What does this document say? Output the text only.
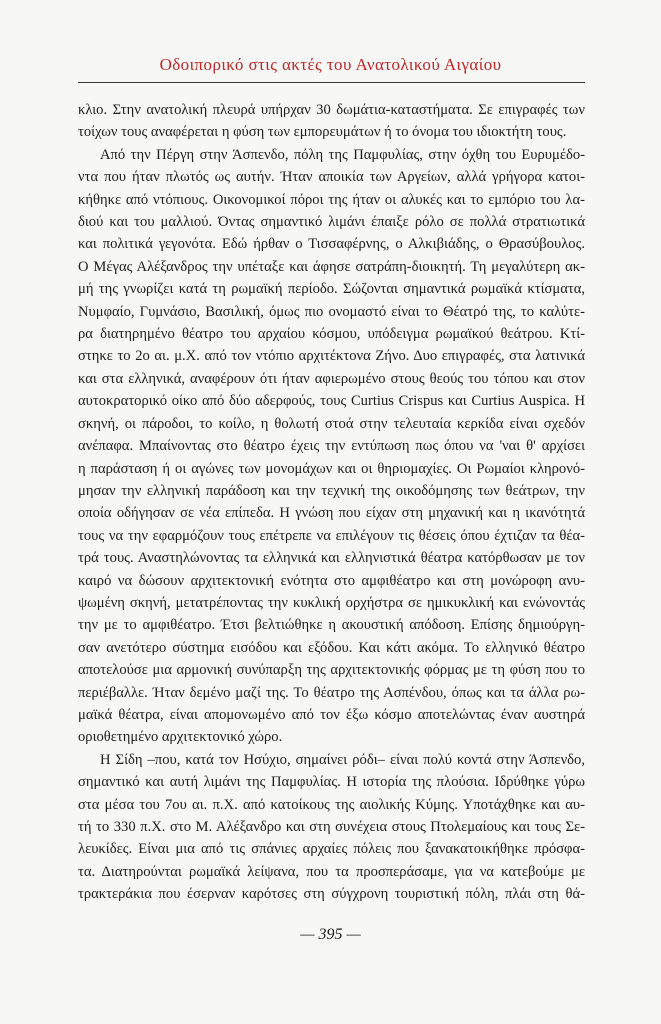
Οδοιπορικό στις ακτές του Ανατολικού Αιγαίου
κλιο. Στην ανατολική πλευρά υπήρχαν 30 δωμάτια-καταστήματα. Σε επιγραφές των
τοίχων τους αναφέρεται η φύση των εμπορευμάτων ή το όνομα του ιδιοκτήτη τους.
Από την Πέργη στην Άσπενδο, πόλη της Παμφυλίας, στην όχθη του Ευρυμέδο-
ντα που ήταν πλωτός ως αυτήν. Ήταν αποικία των Αργείων, αλλά γρήγορα κατοι-
κήθηκε από ντόπιους. Οικονομικοί πόροι της ήταν οι αλυκές και το εμπόριο του λα-
διού και του μαλλιού. Όντας σημαντικό λιμάνι έπαιξε ρόλο σε πολλά στρατιωτικά
και πολιτικά γεγονότα. Εδώ ήρθαν ο Τισσαφέρνης, ο Αλκιβιάδης, ο Θρασύβουλος.
Ο Μέγας Αλέξανδρος την υπέταξε και άφησε σατράπη-διοικητή. Τη μεγαλύτερη ακ-
μή της γνωρίζει κατά τη ρωμαϊκή περίοδο. Σώζονται σημαντικά ρωμαϊκά κτίσματα,
Νυμφαίο, Γυμνάσιο, Βασιλική, όμως πιο ονομαστό είναι το Θέατρό της, το καλύτε-
ρα διατηρημένο θέατρο του αρχαίου κόσμου, υπόδειγμα ρωμαϊκού θεάτρου. Κτί-
στηκε το 2ο αι. μ.Χ. από τον ντόπιο αρχιτέκτονα Ζήνο. Δυο επιγραφές, στα λατινικά
και στα ελληνικά, αναφέρουν ότι ήταν αφιερωμένο στους θεούς του τόπου και στον
αυτοκρατορικό οίκο από δύο αδερφούς, τους Curtius Crispus και Curtius Auspica. Η
σκηνή, οι πάροδοι, το κοίλο, η θολωτή στοά στην τελευταία κερκίδα είναι σχεδόν
ανέπαφα. Μπαίνοντας στο θέατρο έχεις την εντύπωση πως όπου να 'ναι θ' αρχίσει
η παράσταση ή οι αγώνες των μονομάχων και οι θηριομαχίες. Οι Ρωμαίοι κληρονό-
μησαν την ελληνική παράδοση και την τεχνική της οικοδόμησης των θεάτρων, την
οποία οδήγησαν σε νέα επίπεδα. Η γνώση που είχαν στη μηχανική και η ικανότητά
τους να την εφαρμόζουν τους επέτρεπε να επιλέγουν τις θέσεις όπου έχτιζαν τα θέα-
τρά τους. Αναστηλώνοντας τα ελληνικά και ελληνιστικά θέατρα κατόρθωσαν με τον
καιρό να δώσουν αρχιτεκτονική ενότητα στο αμφιθέατρο και στη μονώροφη ανυ-
ψωμένη σκηνή, μετατρέποντας την κυκλική ορχήστρα σε ημικυκλική και ενώνοντάς
την με το αμφιθέατρο. Έτσι βελτιώθηκε η ακουστική απόδοση. Επίσης δημιούργη-
σαν ανετότερο σύστημα εισόδου και εξόδου. Και κάτι ακόμα. Το ελληνικό θέατρο
αποτελούσε μια αρμονική συνύπαρξη της αρχιτεκτονικής φόρμας με τη φύση που το
περιέβαλλε. Ήταν δεμένο μαζί της. Το θέατρο της Ασπένδου, όπως και τα άλλα ρω-
μαϊκά θέατρα, είναι απομονωμένο από τον έξω κόσμο αποτελώντας έναν αυστηρά
οριοθετημένο αρχιτεκτονικό χώρο.
Η Σίδη –που, κατά τον Ησύχιο, σημαίνει ρόδι– είναι πολύ κοντά στην Άσπενδο,
σημαντικό και αυτή λιμάνι της Παμφυλίας. Η ιστορία της πλούσια. Ιδρύθηκε γύρω
στα μέσα του 7ου αι. π.Χ. από κατοίκους της αιολικής Κύμης. Υποτάχθηκε και αυ-
τή το 330 π.Χ. στο Μ. Αλέξανδρο και στη συνέχεια στους Πτολεμαίους και τους Σε-
λευκίδες. Είναι μια από τις σπάνιες αρχαίες πόλεις που ξανακατοικήθηκε πρόσφα-
τα. Διατηρούνται ρωμαϊκά λείψανα, που τα προσπεράσαμε, για να κατεβούμε με
τρακτεράκια που έσερναν καρότσες στη σύγχρονη τουριστική πόλη, πλάι στη θά-
— 395 —
